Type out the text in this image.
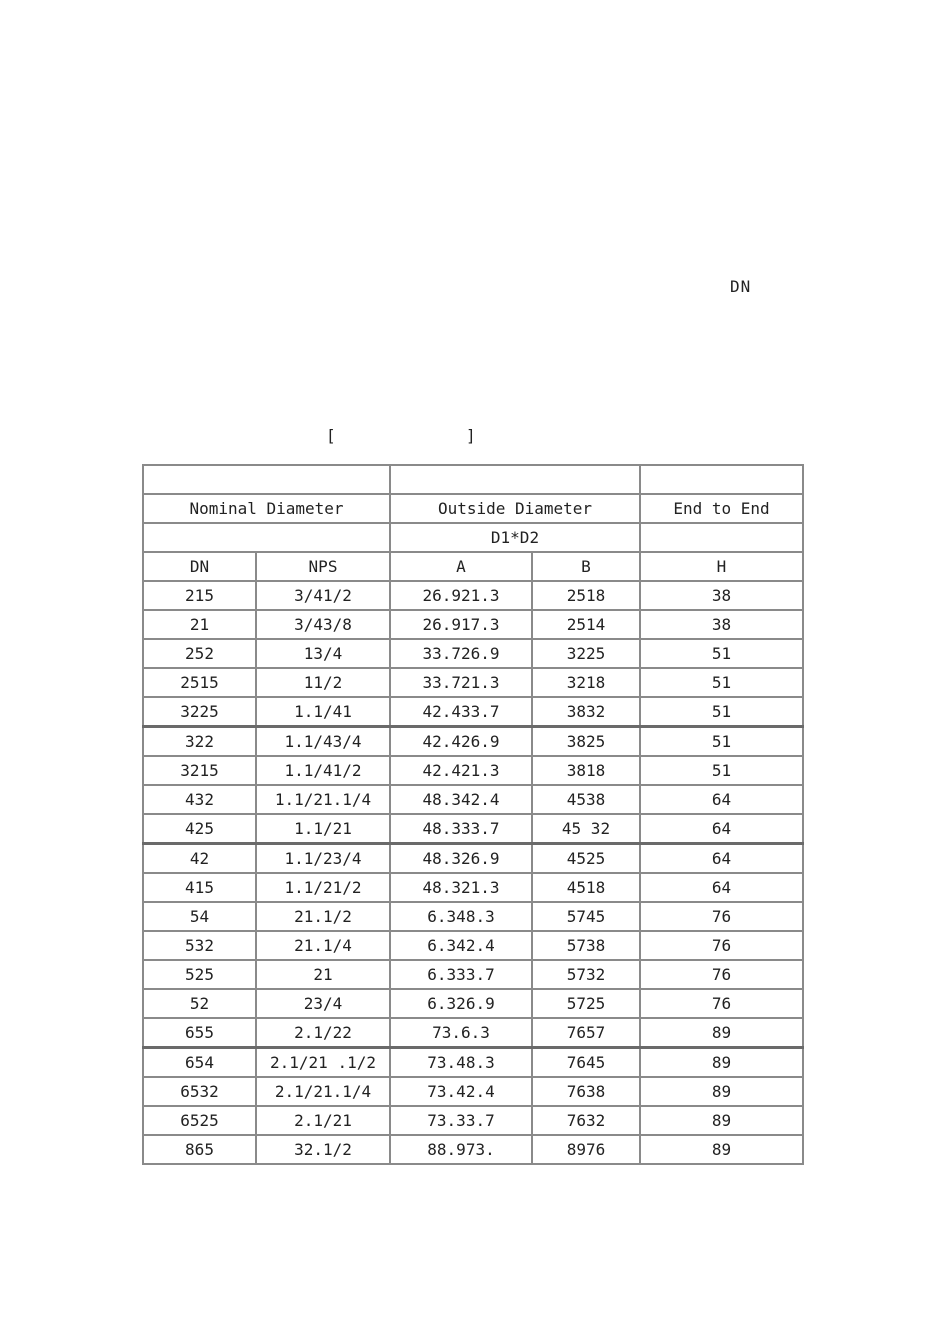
DN
[	]

Nominal Diameter		Outside Diameter		End to End
		D1*D2		
DN	NPS	A	B	H
215	3/41/2	26.921.3	2518	38
21	3/43/8	26.917.3	2514	38
252	13/4	33.726.9	3225	51
2515	11/2	33.721.3	3218	51
3225	1.1/41	42.433.7	3832	51
322	1.1/43/4	42.426.9	3825	51
3215	1.1/41/2	42.421.3	3818	51
432	1.1/21.1/4	48.342.4	4538	64
425	1.1/21	48.333.7	45 32	64
42	1.1/23/4	48.326.9	4525	64
415	1.1/21/2	48.321.3	4518	64
54	21.1/2	6.348.3	5745	76
532	21.1/4	6.342.4	5738	76
525	21	6.333.7	5732	76
52	23/4	6.326.9	5725	76
655	2.1/22	73.6.3	7657	89
654	2.1/21 .1/2	73.48.3	7645	89
6532	2.1/21.1/4	73.42.4	7638	89
6525	2.1/21	73.33.7	7632	89
865	32.1/2	88.973.	8976	89
